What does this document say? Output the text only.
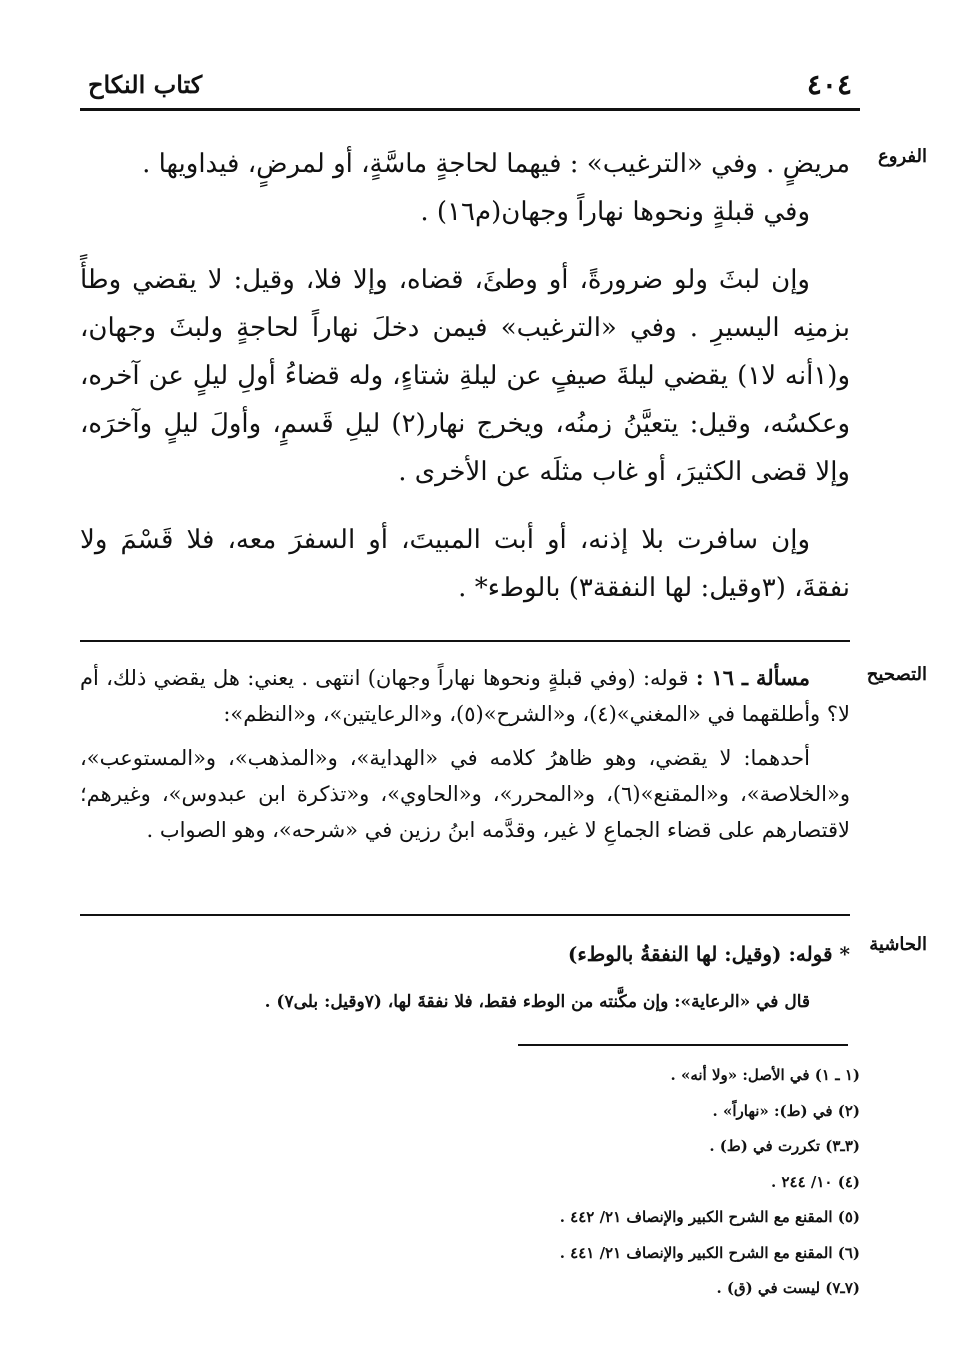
٤٠٤
كتاب النكاح
الفروع
التصحيح
الحاشية

مريضٍ . وفي «الترغيب» : فيهما لحاجةٍ ماسَّةٍ، أو لمرضٍ، فيداويها .

وفي قبلةٍ ونحوها نهاراً وجهان(م١٦) .

وإن لبثَ ولو ضرورةً، أو وطئَ، قضاه، وإلا فلا، وقيل: لا يقضي وطأً بزمنِه اليسيرِ . وفي «الترغيب» فيمن دخلَ نهاراً لحاجةٍ ولبثَ وجهان، و(١أنه لا١) يقضي ليلةَ صيفٍ عن ليلةِ شتاءٍ، وله قضاءُ أولِ ليلٍ عن آخره، وعكسُه، وقيل: يتعيَّنُ زمنُه، ويخرج نهار(٢) ليلِ قَسمٍ، وأولَ ليلٍ وآخرَه، وإلا قضى الكثيرَ، أو غاب مثلَه عن الأخرى .

وإن سافرت بلا إذنه، أو أبت المبيتَ، أو السفرَ معه، فلا قَسْمَ ولا نفقةَ، (٣وقيل: لها النفقة٣) بالوطء* .

مسألة ـ ١٦ : قوله: (وفي قبلةٍ ونحوها نهاراً وجهان) انتهى . يعني: هل يقضي ذلك، أم لا؟ وأطلقهما في «المغني»(٤)، و«الشرح»(٥)، و«الرعايتين»، و«النظم»:

أحدهما: لا يقضي، وهو ظاهرُ كلامه في «الهداية»، و«المذهب»، و«المستوعب»، و«الخلاصة»، و«المقنع»(٦)، و«المحرر»، و«الحاوي»، و«تذكرة ابن عبدوس»، وغيرهم؛ لاقتصارهم على قضاء الجماعِ لا غير، وقدَّمه ابنُ رزين في «شرحه»، وهو الصواب .

* قوله: (وقيل: لها النفقةُ بالوطء)

قال في «الرعاية»: وإن مكَّنته من الوطء فقط، فلا نفقةَ لها، (٧وقيل: بلى٧) .

(١ ـ ١) في الأصل: «ولا أنه» .

(٢) في (ط): «نهاراً» .

(٣ـ٣) تكررت في (ط) .

(٤) ١٠/ ٢٤٤ .

(٥) المقنع مع الشرح الكبير والإنصاف ٢١/ ٤٤٢ .

(٦) المقنع مع الشرح الكبير والإنصاف ٢١/ ٤٤١ .

(٧ـ٧) ليست في (ق) .
